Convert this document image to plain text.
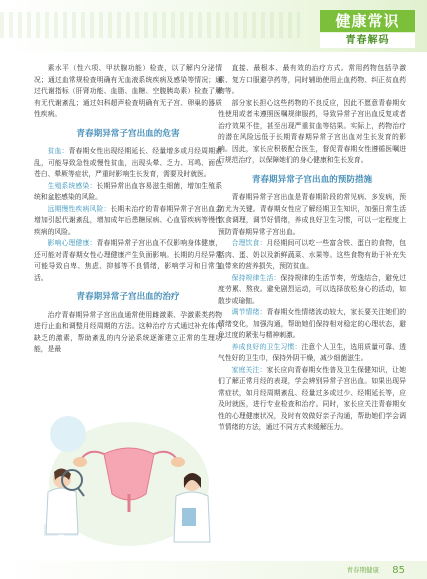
健康常识
青春解码

素水平（性六项、甲状腺功能）检查，以了解内分泌情况；通过血常规检查明确有无血液系统疾病及感染等情况；通过代谢指标（肝肾功能、血脂、血糖、空腹胰岛素）检查了解有无代谢紊乱；通过妇科超声检查明确有无子宫、卵巢的器质性疾病。

青春期异常子宫出血的危害

贫血：青春期女性出现经期延长、经量增多或月经周期紊乱，可能导致急性或慢性贫血，出现头晕、乏力、耳鸣、面色苍白、晕厥等症状，严重时影响生长发育，需要及时就医。

生殖系统感染：长期异常出血容易滋生细菌，增加生殖系统和盆腔感染的风险。

远期慢性疾病风险：长期未治疗的青春期异常子宫出血会增加引起代谢紊乱，增加成年后患糖尿病、心血管疾病等慢性疾病的风险。

影响心理健康：青春期异常子宫出血不仅影响身体健康，还可能对青春期女性心理健康产生负面影响。长期的月经异常可能导致自卑、焦虑、抑郁等不良情绪，影响学习和日常生活。

青春期异常子宫出血的治疗

治疗青春期异常子宫出血通常使用雌激素、孕激素类药物进行止血和调整月经周期的方法。这种治疗方式通过补充体内缺乏的激素，帮助紊乱的内分泌系统逐渐建立正常的生理功能，是最

直接、最根本、最有效的治疗方式。常用药物包括孕激素、复方口服避孕药等，同时辅助使用止血药物、纠正贫血药物等。

部分家长担心这些药物的不良反应，因此不愿意青春期女性使用或者未遵照医嘱规律服药，导致异常子宫出血反复或者治疗效果不佳，甚至出现严重贫血等结果。实际上，药物治疗的潜在风险远低于长期青春期异常子宫出血对生长发育的影响。因此，家长应积极配合医生，督促青春期女性遵循医嘱进行规范治疗，以保障她们的身心健康和生长发育。

青春期异常子宫出血的预防措施

青春期异常子宫出血是青春期阶段的常见病、多发病，预防尤为关键。青春期女性应了解经期卫生知识，加强日常生活饮食调理，调节好情绪，养成良好卫生习惯，可以一定程度上预防青春期异常子宫出血。

合理饮食：月经期间可以吃一些富含铁、蛋白的食物，包括肉、蛋、奶以及新鲜蔬菜、水果等。这些食物有助于补充失血带来的营养损失，预防贫血。

保持规律生活：保持规律的生活节奏，劳逸结合，避免过度劳累、熬夜。避免剧烈运动，可以选择放松身心的活动，如散步或瑜伽。

调节情绪：青春期女性情绪波动较大，家长要关注她们的情绪变化，加强沟通，帮助她们保持相对稳定的心理状态，避免过度的紧张与精神刺激。

养成良好的卫生习惯：注意个人卫生，选用质量可靠、透气性好的卫生巾，保持外阴干燥，减少细菌滋生。

家庭关注：家长应向青春期女性普及卫生保健知识，让她们了解正常月经的表现，学会辨别异常子宫出血。如果出现异常症状，如月经周期紊乱、经量过多或过少、经期延长等，应及时就医，进行专业检查和治疗。同时，家长应关注青春期女性的心理健康状况，及时有效做好亲子沟通，帮助她们学会调节情绪的方法，通过不同方式来缓解压力。

青春期健康 85
